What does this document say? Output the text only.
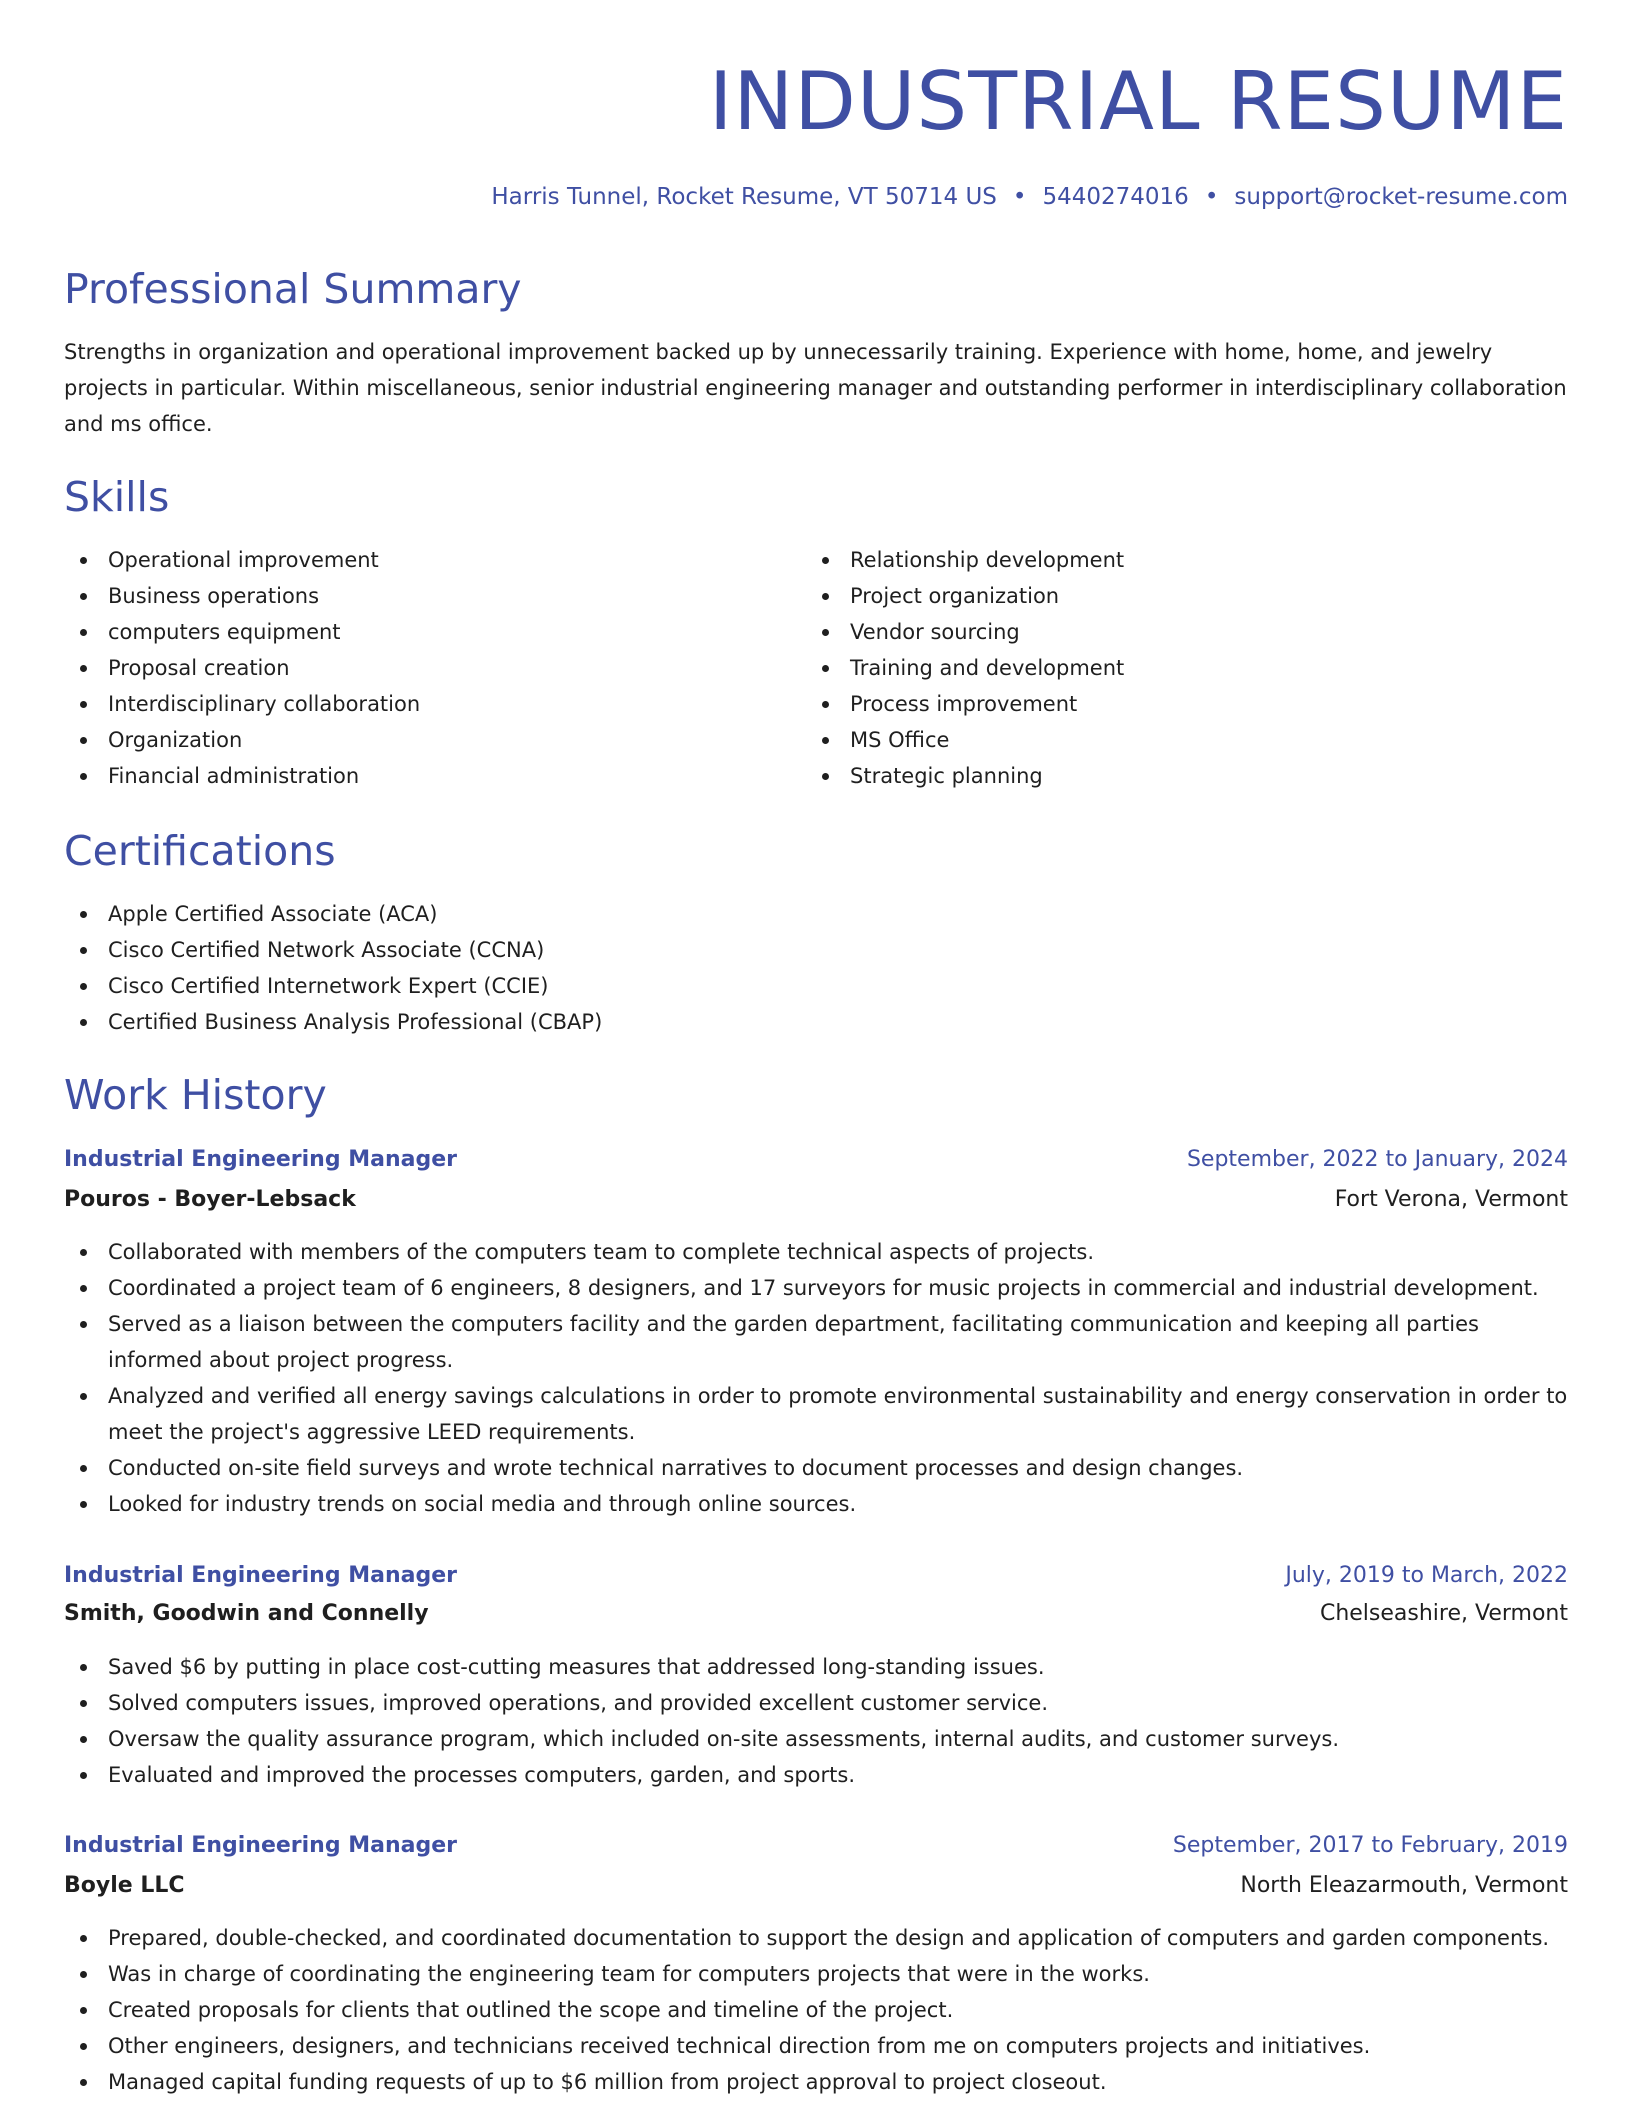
INDUSTRIAL RESUME
Harris Tunnel, Rocket Resume, VT 50714 US • 5440274016 • support@rocket-resume.com
Professional Summary

Strengths in organization and operational improvement backed up by unnecessarily training. Experience with home, home, and jewelry projects in particular. Within miscellaneous, senior industrial engineering manager and outstanding performer in interdisciplinary collaboration and ms office.

Skills
Operational improvement
Business operations
computers equipment
Proposal creation
Interdisciplinary collaboration
Organization
Financial administration
Relationship development
Project organization
Vendor sourcing
Training and development
Process improvement
MS Office
Strategic planning
Certifications
Apple Certified Associate (ACA)
Cisco Certified Network Associate (CCNA)
Cisco Certified Internetwork Expert (CCIE)
Certified Business Analysis Professional (CBAP)
Work History
Industrial Engineering Manager	September, 2022 to January, 2024
Pouros - Boyer-Lebsack	Fort Verona, Vermont
Collaborated with members of the computers team to complete technical aspects of projects.
Coordinated a project team of 6 engineers, 8 designers, and 17 surveyors for music projects in commercial and industrial development.
Served as a liaison between the computers facility and the garden department, facilitating communication and keeping all parties informed about project progress.
Analyzed and verified all energy savings calculations in order to promote environmental sustainability and energy conservation in order to meet the project's aggressive LEED requirements.
Conducted on-site field surveys and wrote technical narratives to document processes and design changes.
Looked for industry trends on social media and through online sources.
Industrial Engineering Manager	July, 2019 to March, 2022
Smith, Goodwin and Connelly	Chelseashire, Vermont
Saved $6 by putting in place cost-cutting measures that addressed long-standing issues.
Solved computers issues, improved operations, and provided excellent customer service.
Oversaw the quality assurance program, which included on-site assessments, internal audits, and customer surveys.
Evaluated and improved the processes computers, garden, and sports.
Industrial Engineering Manager	September, 2017 to February, 2019
Boyle LLC	North Eleazarmouth, Vermont
Prepared, double-checked, and coordinated documentation to support the design and application of computers and garden components.
Was in charge of coordinating the engineering team for computers projects that were in the works.
Created proposals for clients that outlined the scope and timeline of the project.
Other engineers, designers, and technicians received technical direction from me on computers projects and initiatives.
Managed capital funding requests of up to $6 million from project approval to project closeout.
